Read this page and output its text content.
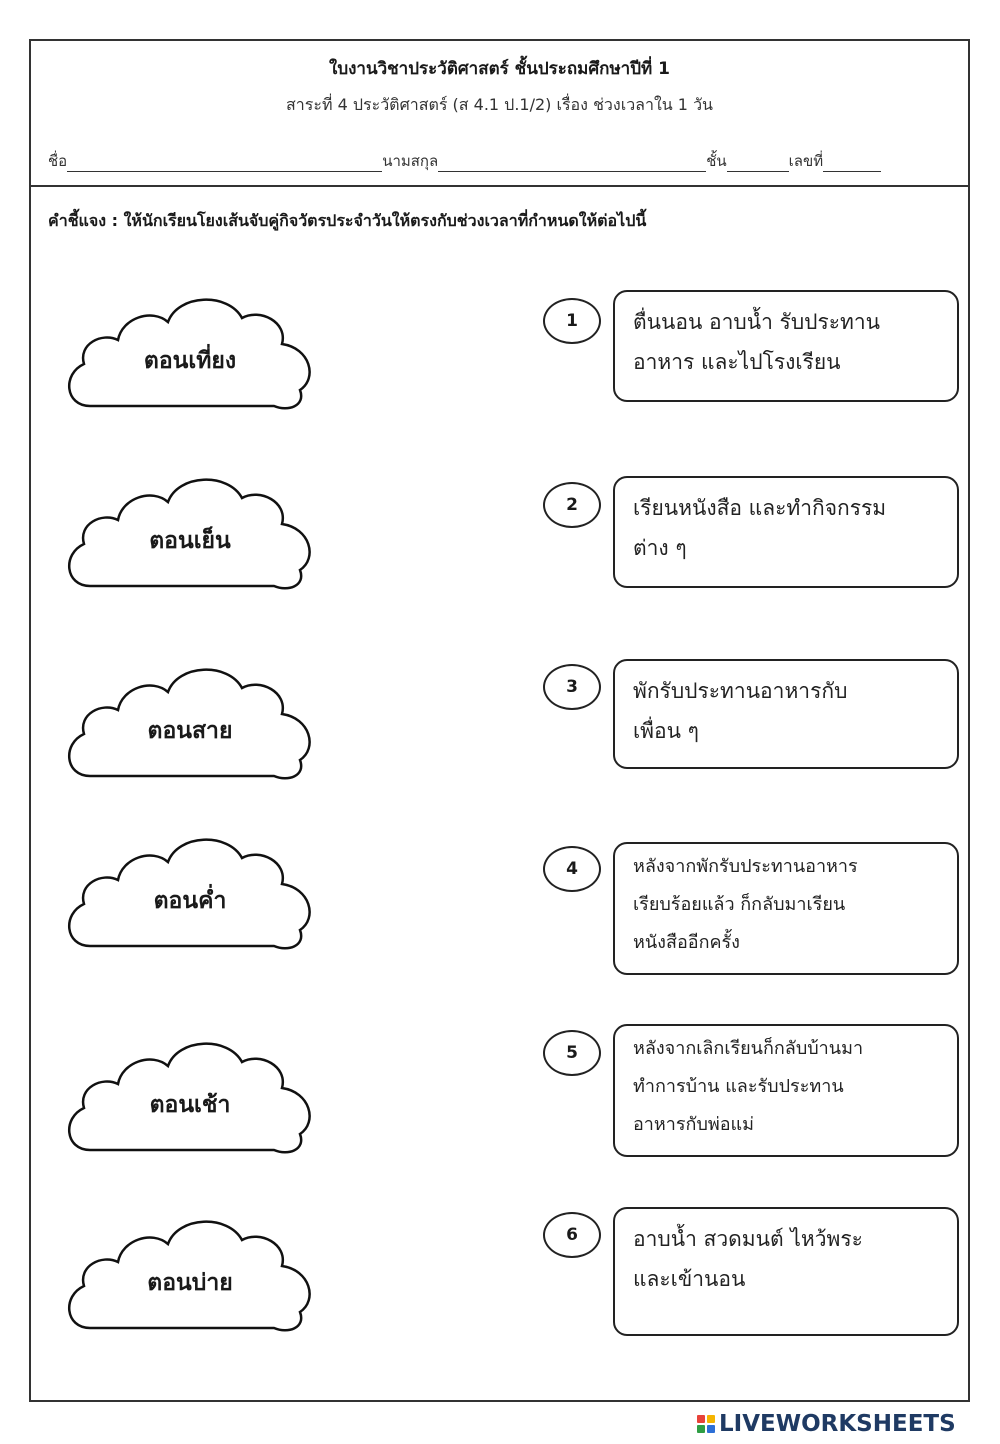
ใบงานวิชาประวัติศาสตร์ ชั้นประถมศึกษาปีที่ 1
สาระที่ 4 ประวัติศาสตร์ (ส 4.1 ป.1/2) เรื่อง ช่วงเวลาใน 1 วัน
ชื่อ	นามสกุล	ชั้น	เลขที่
คำชี้แจง : ให้นักเรียนโยงเส้นจับคู่กิจวัตรประจำวันให้ตรงกับช่วงเวลาที่กำหนดให้ต่อไปนี้
ตอนเที่ยง
ตอนเย็น
ตอนสาย
ตอนค่ำ
ตอนเช้า
ตอนบ่าย
1	ตื่นนอน อาบน้ำ รับประทาน
อาหาร และไปโรงเรียน
2	เรียนหนังสือ และทำกิจกรรม
ต่าง ๆ
3	พักรับประทานอาหารกับ
เพื่อน ๆ
4	หลังจากพักรับประทานอาหาร
เรียบร้อยแล้ว ก็กลับมาเรียน
หนังสืออีกครั้ง
5	หลังจากเลิกเรียนก็กลับบ้านมา
ทำการบ้าน และรับประทาน
อาหารกับพ่อแม่
6	อาบน้ำ สวดมนต์ ไหว้พระ
และเข้านอน
LIVEWORKSHEETS
